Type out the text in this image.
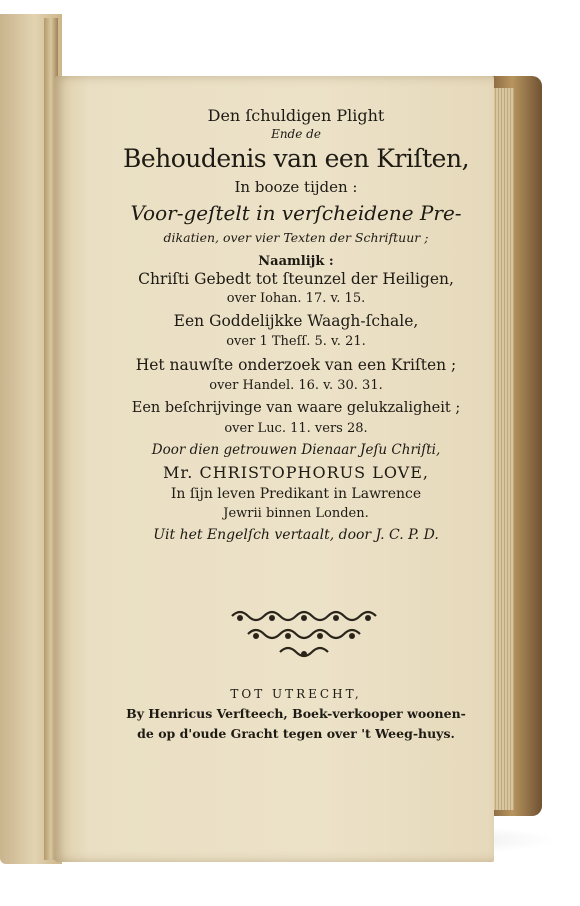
Den ſchuldigen Plight
Ende de
Behoudenis van een Kriſten,
In booze tijden :
Voor-geſtelt in verſcheidene Pre-
dikatien, over vier Texten der Schriftuur ;
Naamlijk :
Chriſti Gebedt tot ſteunzel der Heiligen,
over Iohan. 17. v. 15.
Een Goddelijkke Waagh-ſchale,
over 1 Theſſ. 5. v. 21.
Het nauwſte onderzoek van een Kriſten ;
over Handel. 16. v. 30. 31.
Een beſchrijvinge van waare gelukzaligheit ;
over Luc. 11. vers 28.
Door dien getrouwen Dienaar Jeſu Chriſti,
Mr. CHRISTOPHORUS LOVE,
In ſijn leven Predikant in Lawrence
Jewrii binnen Londen.
Uit het Engelſch vertaalt, door J. C. P. D.
TOT UTRECHT,
By Henricus Verſteech, Boek-verkooper woonen-
de op d'oude Gracht tegen over 't Weeg-huys.
